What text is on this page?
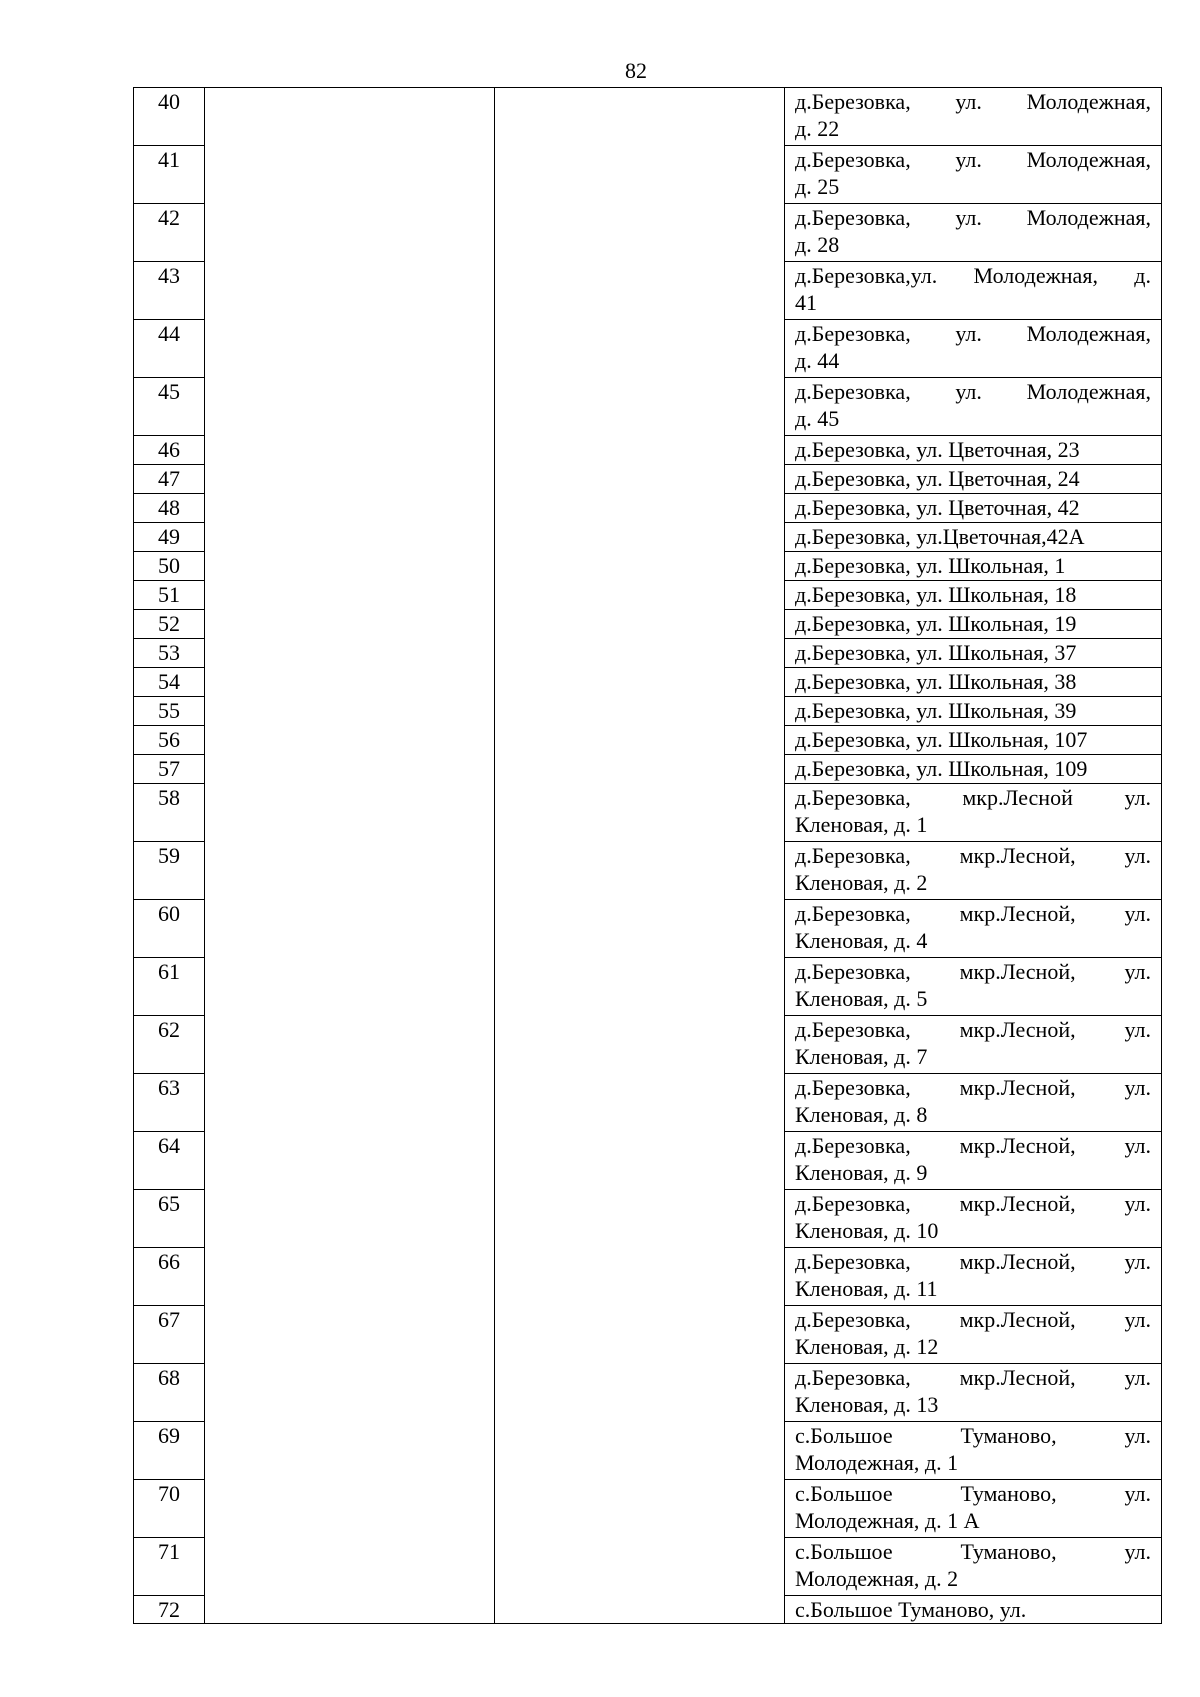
82
40			д.Березовка, ул. Молодежная,
д. 22

41			д.Березовка, ул. Молодежная,
д. 25

42			д.Березовка, ул. Молодежная,
д. 28

43			д.Березовка,ул. Молодежная, д.
41

44			д.Березовка, ул. Молодежная,
д. 44

45			д.Березовка, ул. Молодежная,
д. 45

46			д.Березовка, ул. Цветочная, 23

47			д.Березовка, ул. Цветочная, 24

48			д.Березовка, ул. Цветочная, 42

49			д.Березовка, ул.Цветочная,42А

50			д.Березовка, ул. Школьная, 1

51			д.Березовка, ул. Школьная, 18

52			д.Березовка, ул. Школьная, 19

53			д.Березовка, ул. Школьная, 37

54			д.Березовка, ул. Школьная, 38

55			д.Березовка, ул. Школьная, 39

56			д.Березовка, ул. Школьная, 107

57			д.Березовка, ул. Школьная, 109

58			д.Березовка, мкр.Лесной ул.
Кленовая, д. 1

59			д.Березовка, мкр.Лесной, ул.
Кленовая, д. 2

60			д.Березовка, мкр.Лесной, ул.
Кленовая, д. 4

61			д.Березовка, мкр.Лесной, ул.
Кленовая, д. 5

62			д.Березовка, мкр.Лесной, ул.
Кленовая, д. 7

63			д.Березовка, мкр.Лесной, ул.
Кленовая, д. 8

64			д.Березовка, мкр.Лесной, ул.
Кленовая, д. 9

65			д.Березовка, мкр.Лесной, ул.
Кленовая, д. 10

66			д.Березовка, мкр.Лесной, ул.
Кленовая, д. 11

67			д.Березовка, мкр.Лесной, ул.
Кленовая, д. 12

68			д.Березовка, мкр.Лесной, ул.
Кленовая, д. 13

69			с.Большое Туманово, ул.
Молодежная, д. 1

70			с.Большое Туманово, ул.
Молодежная, д. 1 А

71			с.Большое Туманово, ул.
Молодежная, д. 2

72			с.Большое Туманово, ул.
